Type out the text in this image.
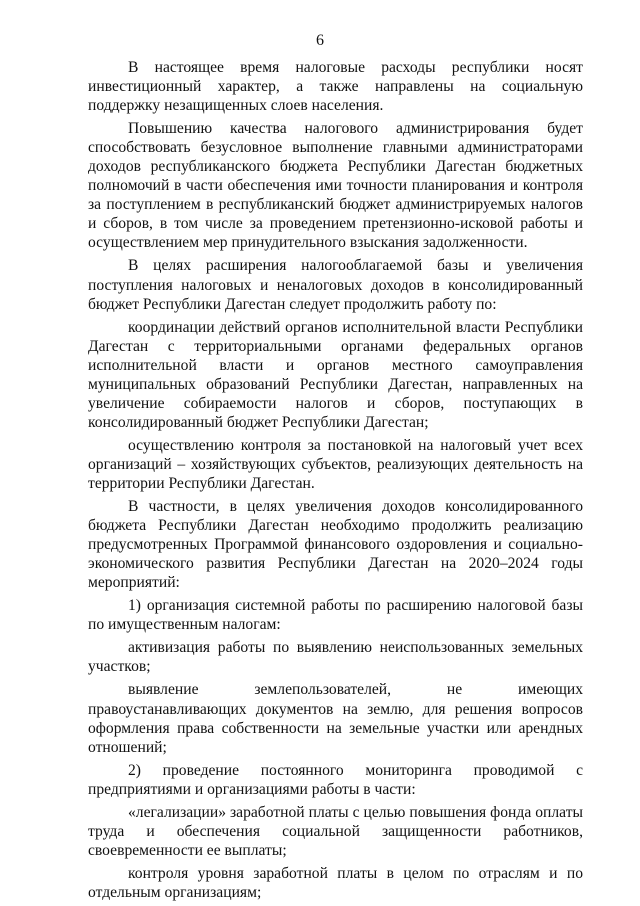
6

В настоящее время налоговые расходы республики носят инвестиционный характер, а также направлены на социальную поддержку незащищенных слоев населения.

Повышению качества налогового администрирования будет способствовать безусловное выполнение главными администраторами доходов республиканского бюджета Республики Дагестан бюджетных полномочий в части обеспечения ими точности планирования и контроля за поступлением в республиканский бюджет администрируемых налогов и сборов, в том числе за проведением претензионно-исковой работы и осуществлением мер принудительного взыскания задолженности.

В целях расширения налогооблагаемой базы и увеличения поступления налоговых и неналоговых доходов в консолидированный бюджет Республики Дагестан следует продолжить работу по:

координации действий органов исполнительной власти Республики Дагестан с территориальными органами федеральных органов исполнительной власти и органов местного самоуправления муниципальных образований Республики Дагестан, направленных на увеличение собираемости налогов и сборов, поступающих в консолидированный бюджет Республики Дагестан;

осуществлению контроля за постановкой на налоговый учет всех организаций – хозяйствующих субъектов, реализующих деятельность на территории Республики Дагестан.

В частности, в целях увеличения доходов консолидированного бюджета Республики Дагестан необходимо продолжить реализацию предусмотренных Программой финансового оздоровления и социально-экономического развития Республики Дагестан на 2020–2024 годы мероприятий:

1) организация системной работы по расширению налоговой базы по имущественным налогам:

активизация работы по выявлению неиспользованных земельных участков;

выявление землепользователей, не имеющих правоустанавливающих документов на землю, для решения вопросов оформления права собственности на земельные участки или арендных отношений;

2) проведение постоянного мониторинга проводимой с предприятиями и организациями работы в части:

«легализации» заработной платы с целью повышения фонда оплаты труда и обеспечения социальной защищенности работников, своевременности ее выплаты;

контроля уровня заработной платы в целом по отраслям и по отдельным организациям;
